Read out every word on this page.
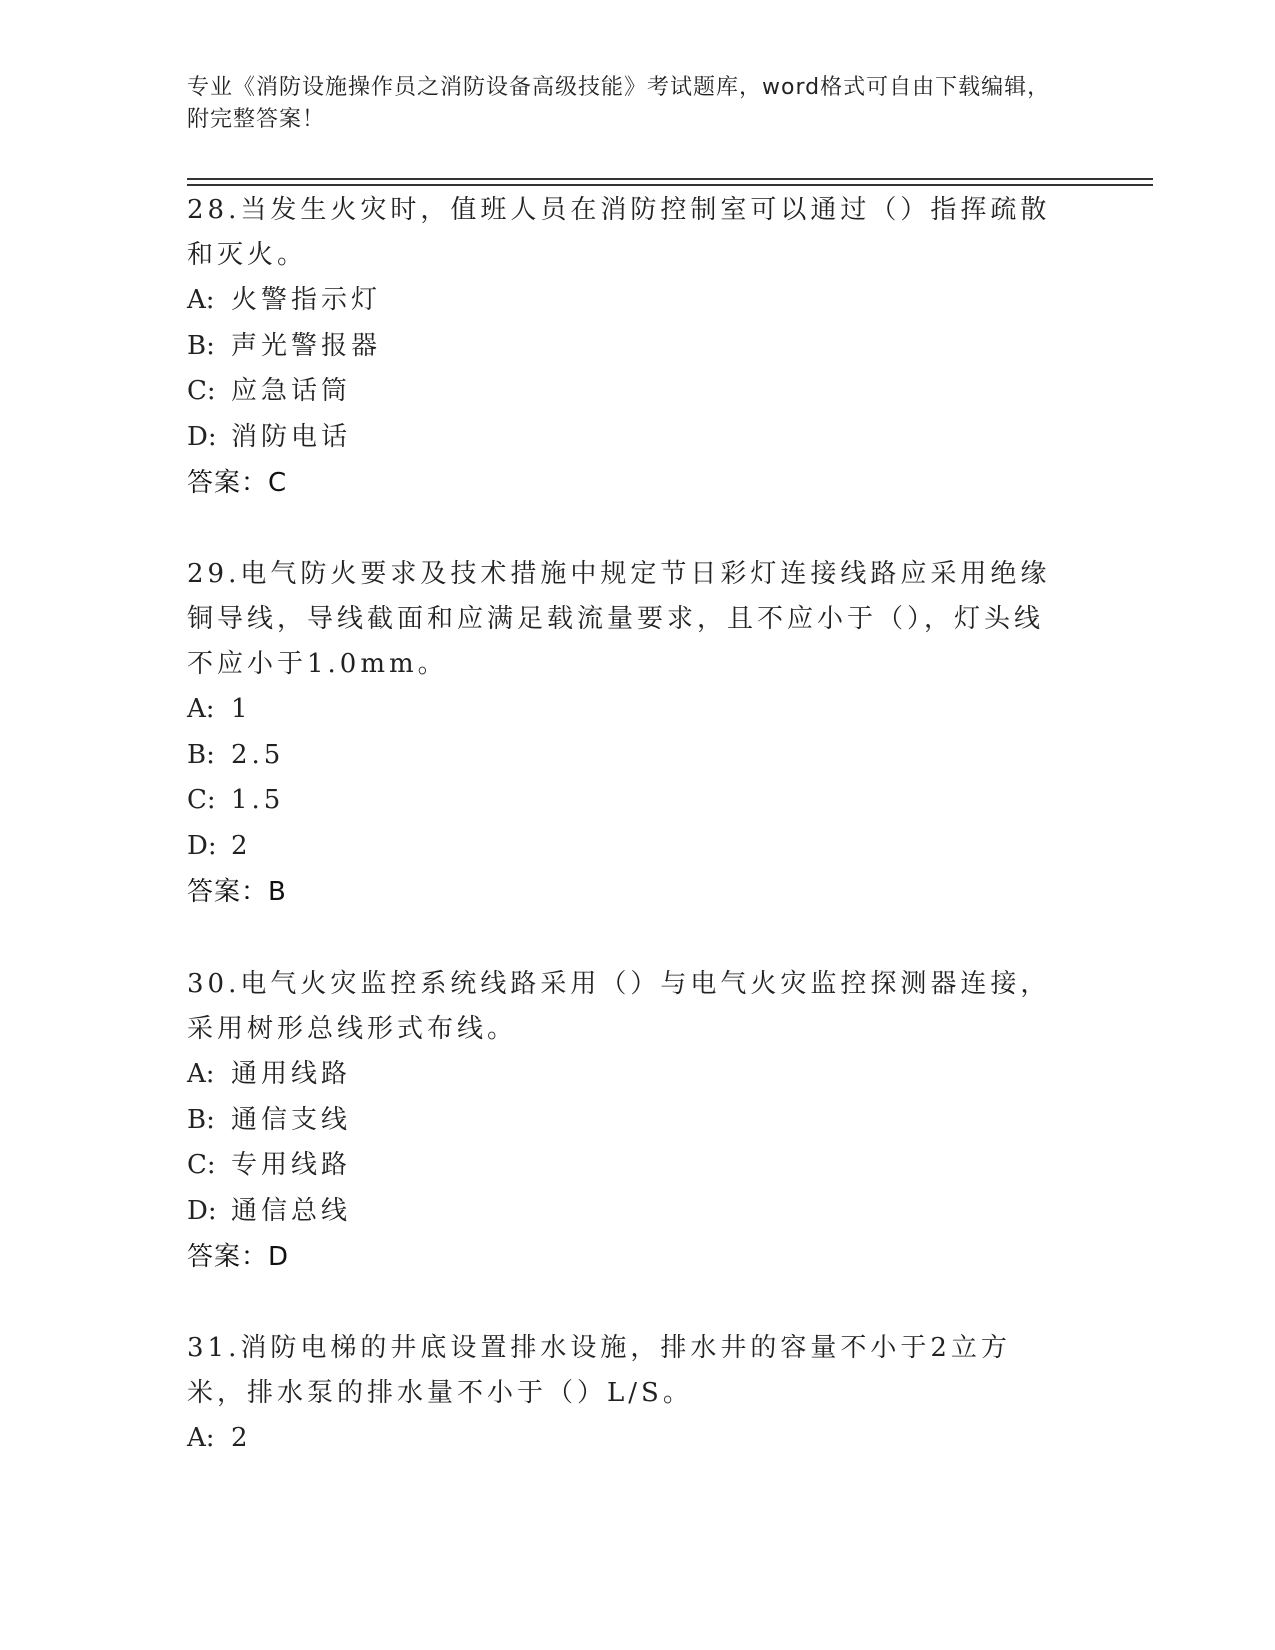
专业《消防设施操作员之消防设备高级技能》考试题库，word格式可自由下载编辑，附完整答案！

28.当发生火灾时，值班人员在消防控制室可以通过（）指挥疏散和灭火。

A: 火警指示灯

B: 声光警报器

C: 应急话筒

D: 消防电话

答案：C

29.电气防火要求及技术措施中规定节日彩灯连接线路应采用绝缘铜导线，导线截面和应满足载流量要求，且不应小于（），灯头线不应小于1.0mm。

A: 1

B: 2.5

C: 1.5

D: 2

答案：B

30.电气火灾监控系统线路采用（）与电气火灾监控探测器连接，采用树形总线形式布线。

A: 通用线路

B: 通信支线

C: 专用线路

D: 通信总线

答案：D

31.消防电梯的井底设置排水设施，排水井的容量不小于2立方米，排水泵的排水量不小于（）L/S。

A: 2
